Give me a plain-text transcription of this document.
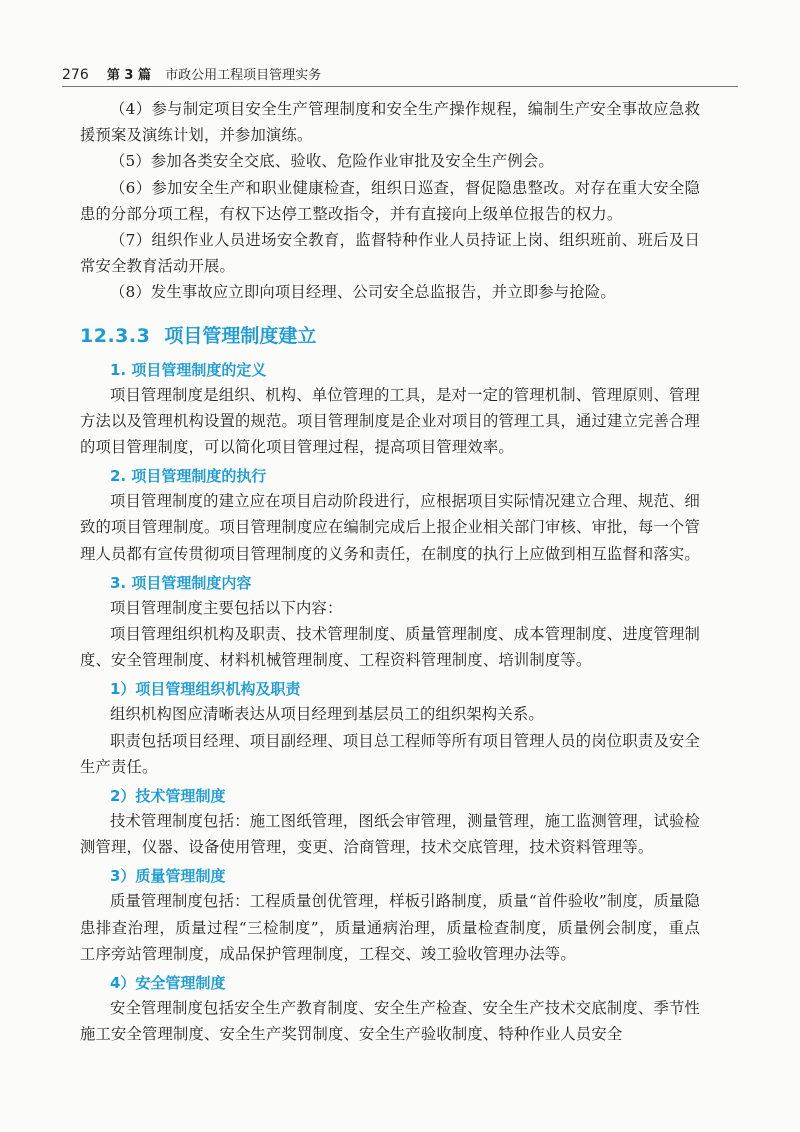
276 第 3 篇 市政公用工程项目管理实务

（4）参与制定项目安全生产管理制度和安全生产操作规程，编制生产安全事故应急救援预案及演练计划，并参加演练。

（5）参加各类安全交底、验收、危险作业审批及安全生产例会。

（6）参加安全生产和职业健康检查，组织日巡查，督促隐患整改。对存在重大安全隐患的分部分项工程，有权下达停工整改指令，并有直接向上级单位报告的权力。

（7）组织作业人员进场安全教育，监督特种作业人员持证上岗、组织班前、班后及日常安全教育活动开展。

（8）发生事故应立即向项目经理、公司安全总监报告，并立即参与抢险。

12.3.3 项目管理制度建立
1. 项目管理制度的定义

项目管理制度是组织、机构、单位管理的工具，是对一定的管理机制、管理原则、管理方法以及管理机构设置的规范。项目管理制度是企业对项目的管理工具，通过建立完善合理的项目管理制度，可以简化项目管理过程，提高项目管理效率。

2. 项目管理制度的执行

项目管理制度的建立应在项目启动阶段进行，应根据项目实际情况建立合理、规范、细致的项目管理制度。项目管理制度应在编制完成后上报企业相关部门审核、审批，每一个管理人员都有宣传贯彻项目管理制度的义务和责任，在制度的执行上应做到相互监督和落实。

3. 项目管理制度内容

项目管理制度主要包括以下内容：

项目管理组织机构及职责、技术管理制度、质量管理制度、成本管理制度、进度管理制度、安全管理制度、材料机械管理制度、工程资料管理制度、培训制度等。

1）项目管理组织机构及职责

组织机构图应清晰表达从项目经理到基层员工的组织架构关系。

职责包括项目经理、项目副经理、项目总工程师等所有项目管理人员的岗位职责及安全生产责任。

2）技术管理制度

技术管理制度包括：施工图纸管理，图纸会审管理，测量管理，施工监测管理，试验检测管理，仪器、设备使用管理，变更、洽商管理，技术交底管理，技术资料管理等。

3）质量管理制度

质量管理制度包括：工程质量创优管理，样板引路制度，质量“首件验收”制度，质量隐患排查治理，质量过程“三检制度”，质量通病治理，质量检查制度，质量例会制度，重点工序旁站管理制度，成品保护管理制度，工程交、竣工验收管理办法等。

4）安全管理制度

安全管理制度包括安全生产教育制度、安全生产检查、安全生产技术交底制度、季节性施工安全管理制度、安全生产奖罚制度、安全生产验收制度、特种作业人员安全
